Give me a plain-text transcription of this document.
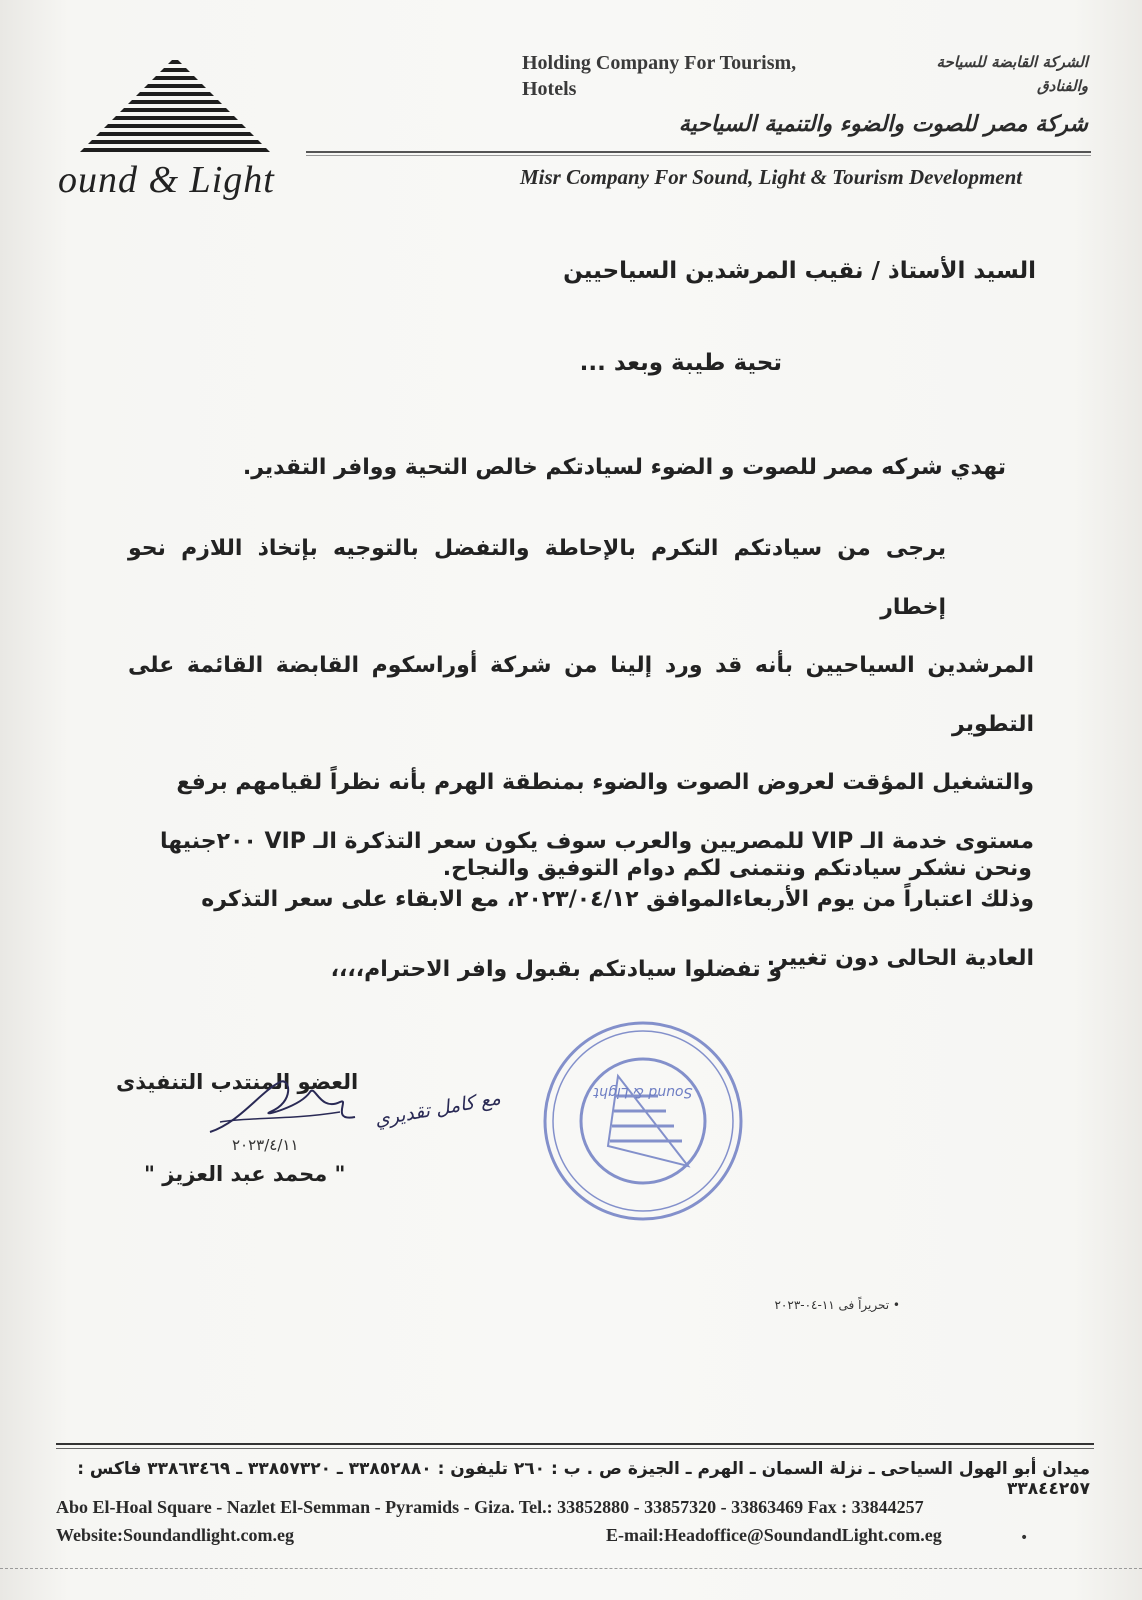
ound & Light
Holding Company For Tourism,
Hotels
الشركة القابضة للسياحة
والفنادق
شركة مصر للصوت والضوء والتنمية السياحية
Misr Company For Sound, Light & Tourism Development
السيد الأستاذ / نقيب المرشدين السياحيين
تحية طيبة وبعد ...
تهدي شركه مصر للصوت و الضوء لسيادتكم خالص التحية ووافر التقدير.
يرجى من سيادتكم التكرم بالإحاطة والتفضل بالتوجيه بإتخاذ اللازم نحو إخطار
المرشدين السياحيين بأنه قد ورد إلينا من شركة أوراسكوم القابضة القائمة على التطوير
والتشغيل المؤقت لعروض الصوت والضوء بمنطقة الهرم بأنه نظراً لقيامهم برفع
مستوى خدمة الـ VIP للمصريين والعرب سوف يكون سعر التذكرة الـ VIP ٢٠٠جنيها
وذلك اعتباراً من يوم الأربعاءالموافق ٢٠٢٣/٠٤/١٢، مع الابقاء على سعر التذكره
العادية الحالى دون تغيير.
ونحن نشكر سيادتكم ونتمنى لكم دوام التوفيق والنجاح.
و تفضلوا سيادتكم بقبول وافر الاحترام،،،،
العضو المنتدب التنفيذى
٢٠٢٣/٤/١١
" محمد عبد العزيز "
مع كامل تقديري	Sound & Light
• تحريراً فى ١١-٠٤-٢٠٢٣
ميدان أبو الهول السياحى ـ نزلة السمان ـ الهرم ـ الجيزة ص . ب : ٢٦٠ تليفون : ٣٣٨٥٢٨٨٠ ـ ٣٣٨٥٧٣٢٠ ـ ٣٣٨٦٣٤٦٩ فاكس : ٣٣٨٤٤٢٥٧
Abo El-Hoal Square - Nazlet El-Semman - Pyramids - Giza. Tel.: 33852880 - 33857320 - 33863469 Fax : 33844257
Website:Soundandlight.com.eg	E-mail:Headoffice@SoundandLight.com.eg	•
